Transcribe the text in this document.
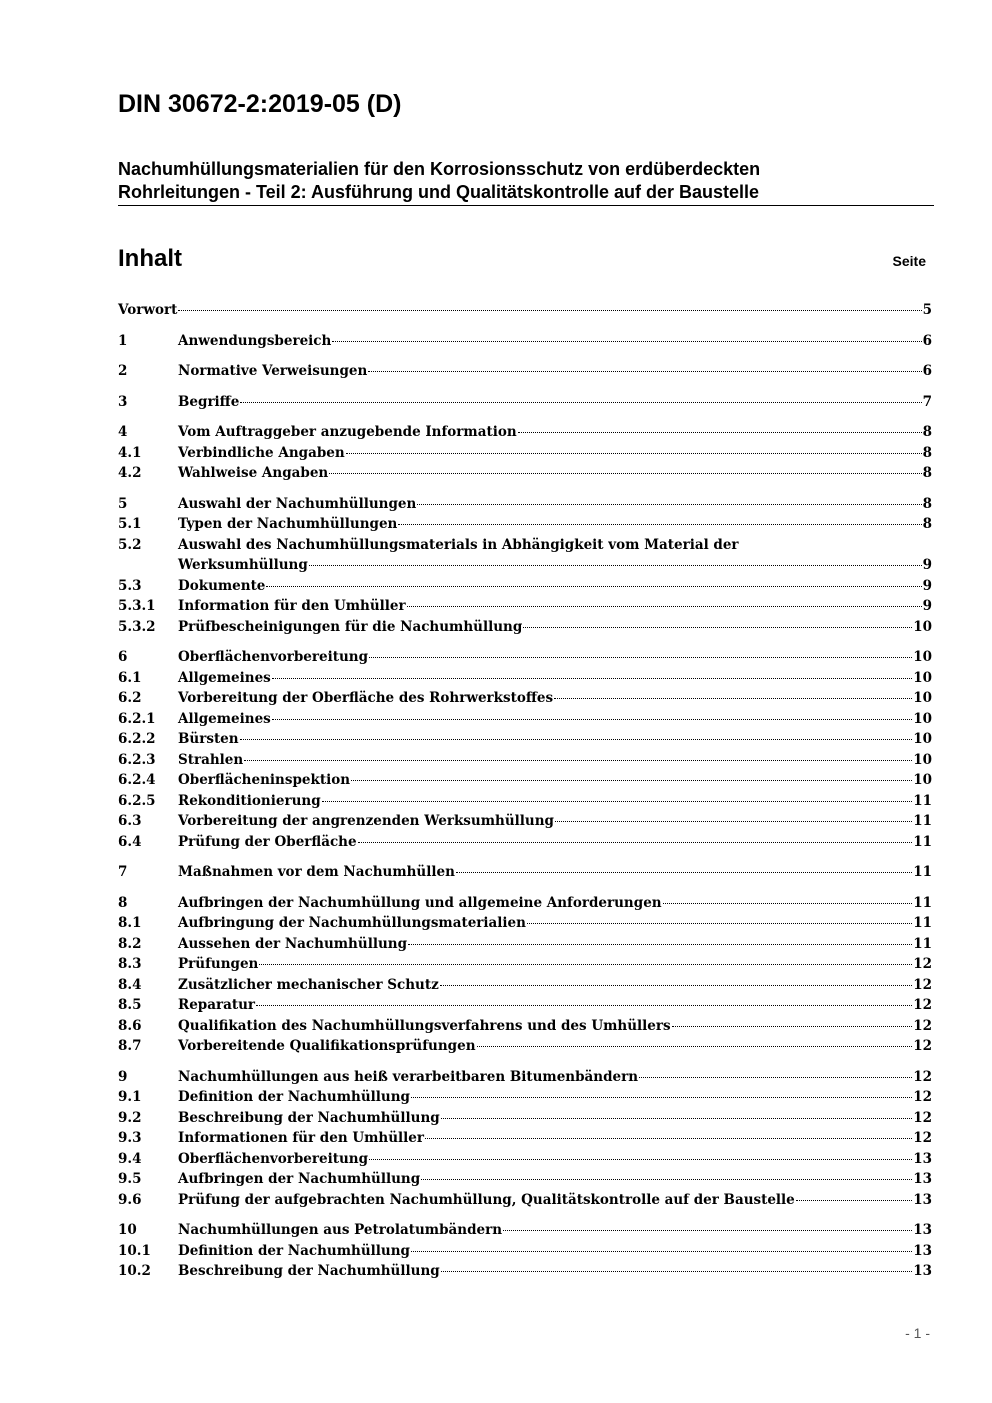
DIN 30672-2:2019-05 (D)
Nachumhüllungsmaterialien für den Korrosionsschutz von erdüberdeckten
Rohrleitungen - Teil 2: Ausführung und Qualitätskontrolle auf der Baustelle
Inhalt	Seite
Vorwort	5
1	Anwendungsbereich	6
2	Normative Verweisungen	6
3	Begriffe	7
4	Vom Auftraggeber anzugebende Information	8
4.1	Verbindliche Angaben	8
4.2	Wahlweise Angaben	8
5	Auswahl der Nachumhüllungen	8
5.1	Typen der Nachumhüllungen	8
5.2	Auswahl des Nachumhüllungsmaterials in Abhängigkeit vom Material der
Werksumhüllung	9
5.3	Dokumente	9
5.3.1	Information für den Umhüller	9
5.3.2	Prüfbescheinigungen für die Nachumhüllung	10
6	Oberflächenvorbereitung	10
6.1	Allgemeines	10
6.2	Vorbereitung der Oberfläche des Rohrwerkstoffes	10
6.2.1	Allgemeines	10
6.2.2	Bürsten	10
6.2.3	Strahlen	10
6.2.4	Oberflächeninspektion	10
6.2.5	Rekonditionierung	11
6.3	Vorbereitung der angrenzenden Werksumhüllung	11
6.4	Prüfung der Oberfläche	11
7	Maßnahmen vor dem Nachumhüllen	11
8	Aufbringen der Nachumhüllung und allgemeine Anforderungen	11
8.1	Aufbringung der Nachumhüllungsmaterialien	11
8.2	Aussehen der Nachumhüllung	11
8.3	Prüfungen	12
8.4	Zusätzlicher mechanischer Schutz	12
8.5	Reparatur	12
8.6	Qualifikation des Nachumhüllungsverfahrens und des Umhüllers	12
8.7	Vorbereitende Qualifikationsprüfungen	12
9	Nachumhüllungen aus heiß verarbeitbaren Bitumenbändern	12
9.1	Definition der Nachumhüllung	12
9.2	Beschreibung der Nachumhüllung	12
9.3	Informationen für den Umhüller	12
9.4	Oberflächenvorbereitung	13
9.5	Aufbringen der Nachumhüllung	13
9.6	Prüfung der aufgebrachten Nachumhüllung, Qualitätskontrolle auf der Baustelle	13
10	Nachumhüllungen aus Petrolatumbändern	13
10.1	Definition der Nachumhüllung	13
10.2	Beschreibung der Nachumhüllung	13
- 1 -
